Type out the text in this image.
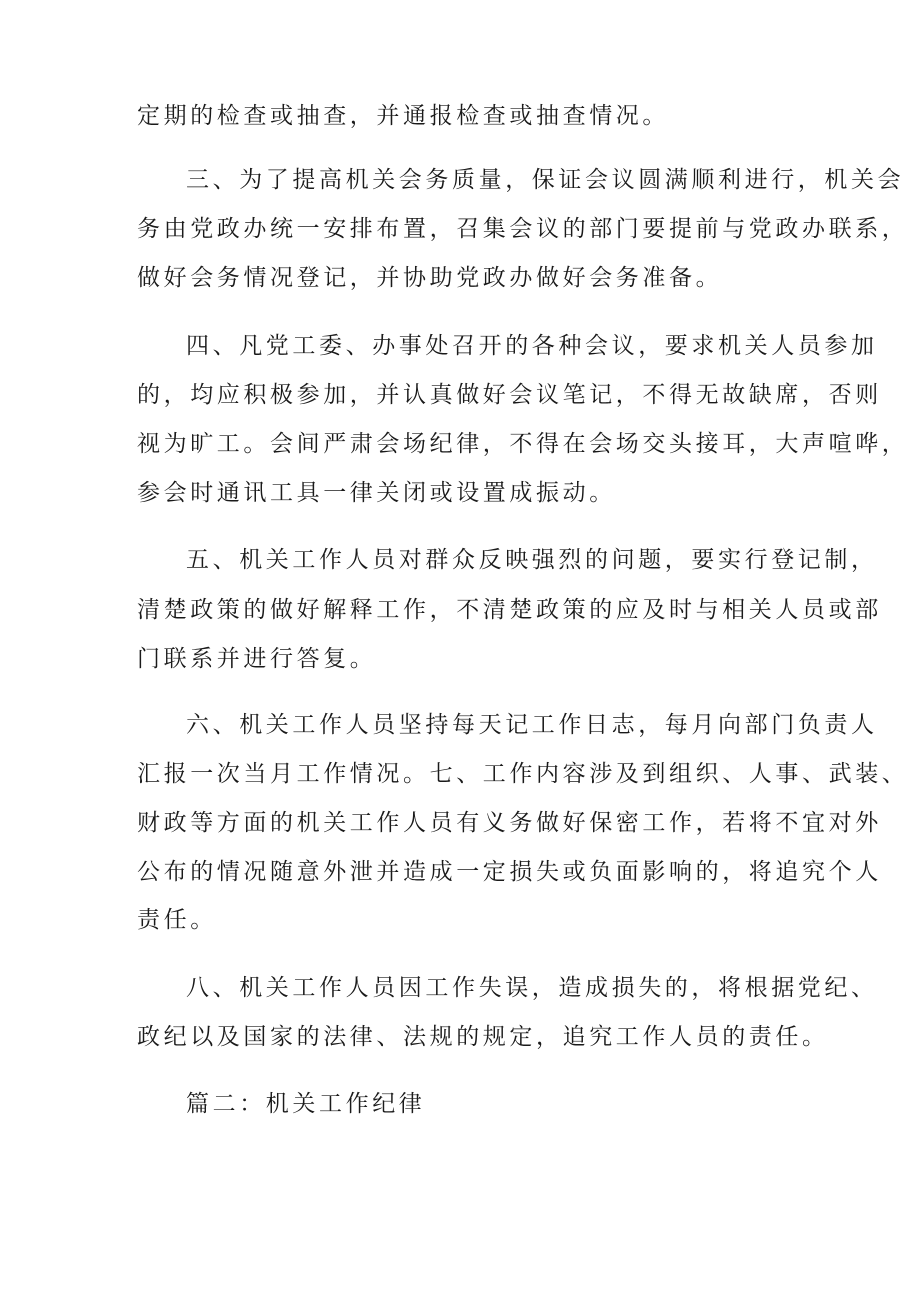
定期的检查或抽查，并通报检查或抽查情况。
三、为了提高机关会务质量，保证会议圆满顺利进行，机关会
务由党政办统一安排布置，召集会议的部门要提前与党政办联系，
做好会务情况登记，并协助党政办做好会务准备。
四、凡党工委、办事处召开的各种会议，要求机关人员参加
的，均应积极参加，并认真做好会议笔记，不得无故缺席，否则
视为旷工。会间严肃会场纪律，不得在会场交头接耳，大声喧哗，
参会时通讯工具一律关闭或设置成振动。
五、机关工作人员对群众反映强烈的问题，要实行登记制，
清楚政策的做好解释工作，不清楚政策的应及时与相关人员或部
门联系并进行答复。
六、机关工作人员坚持每天记工作日志，每月向部门负责人
汇报一次当月工作情况。七、工作内容涉及到组织、人事、武装、
财政等方面的机关工作人员有义务做好保密工作，若将不宜对外
公布的情况随意外泄并造成一定损失或负面影响的，将追究个人
责任。
八、机关工作人员因工作失误，造成损失的，将根据党纪、
政纪以及国家的法律、法规的规定，追究工作人员的责任。
篇二：机关工作纪律
